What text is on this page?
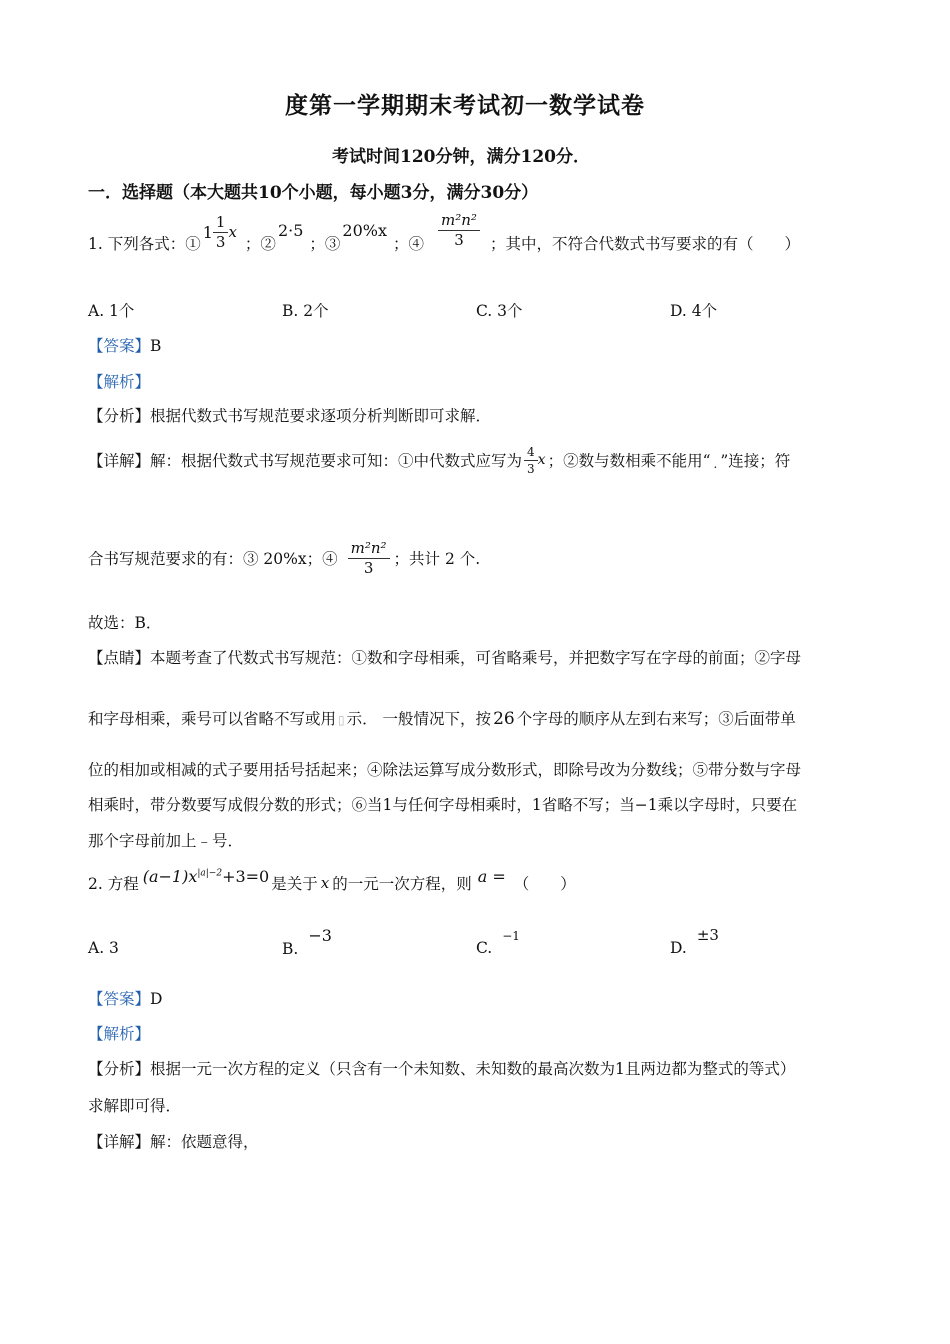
度第一学期期末考试初一数学试卷
考试时间120分钟，满分120分．
一．选择题（本大题共10个小题，每小题3分，满分30分）
1. 下列各式：①
$1 \frac{1}{3}$ x
；②
2·5
；③
20%x
；④ $\frac{\text{m²n²}}{3}$ ；其中，不符合代数式书写要求的有（　　）
A. 1个	B. 2个	C. 3个	D. 4个
【答案】B
【解析】
【分析】根据代数式书写规范要求逐项分析判断即可求解．
【详解】 解：根据代数式书写规范要求可知：①中代数式应写为 $\frac{4}{3}$ x ；②数与数相乘不能用“ . ”连接；符
合书写规范要求的有：③ 20%x；④ $\frac{\text{m²n²}}{3}$ ；共计 2 个.
故选：B．
【点睛】本题考查了代数式书写规范：①数和字母相乘，可省略乘号，并把数字写在字母的前面；②字母
和字母相乘，乘号可以省略不写或用 ▯ 示． 一般情况下，按 26 个字母的顺序从左到右来写；③后面带单
位的相加或相减的式子要用括号括起来；④除法运算写成分数形式，即除号改为分数线；⑤带分数与字母
相乘时，带分数要写成假分数的形式；⑥当1与任何字母相乘时，1省略不写；当−1乘以字母时，只要在
那个字母前加上﹣号．
2. 方程 $(a-1)x^{|a|-2}+3=0$ 是关于 x 的一元一次方程，则 a = （　　）
A. 3	B.−3
C.−1
D.±3
【答案】D
【解析】
【分析】根据一元一次方程的定义（只含有一个未知数、未知数的最高次数为1且两边都为整式的等式）
求解即可得．
【详解】解：依题意得，
